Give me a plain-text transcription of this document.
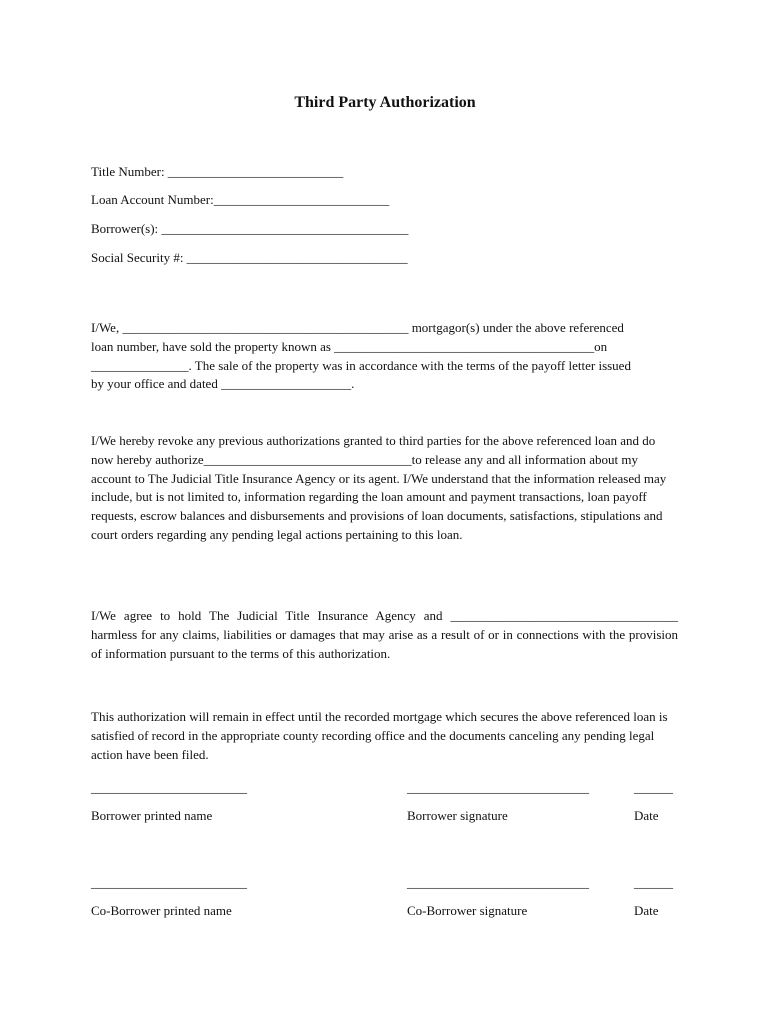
Third Party Authorization
Title Number: ___________________________
Loan Account Number:___________________________
Borrower(s): ______________________________________
Social Security #: __________________________________
I/We, ____________________________________________ mortgagor(s) under the above referenced
loan number, have sold the property known as ________________________________________on
_______________. The sale of the property was in accordance with the terms of the payoff letter issued
by your office and dated ____________________.

I/We hereby revoke any previous authorizations granted to third parties for the above referenced loan and do now hereby authorize________________________________to release any and all information about my account to The Judicial Title Insurance Agency or its agent. I/We understand that the information released may include, but is not limited to, information regarding the loan amount and payment transactions, loan payoff requests, escrow balances and disbursements and provisions of loan documents, satisfactions, stipulations and court orders regarding any pending legal actions pertaining to this loan.

I/We agree to hold The Judicial Title Insurance Agency and ___________________________________ harmless for any claims, liabilities or damages that may arise as a result of or in connections with the provision of information pursuant to the terms of this authorization.

This authorization will remain in effect until the recorded mortgage which secures the above referenced loan is satisfied of record in the appropriate county recording office and the documents canceling any pending legal action have been filed.

________________________	____________________________	______
Borrower printed name	Borrower signature	Date
________________________	____________________________	______
Co-Borrower printed name	Co-Borrower signature	Date
